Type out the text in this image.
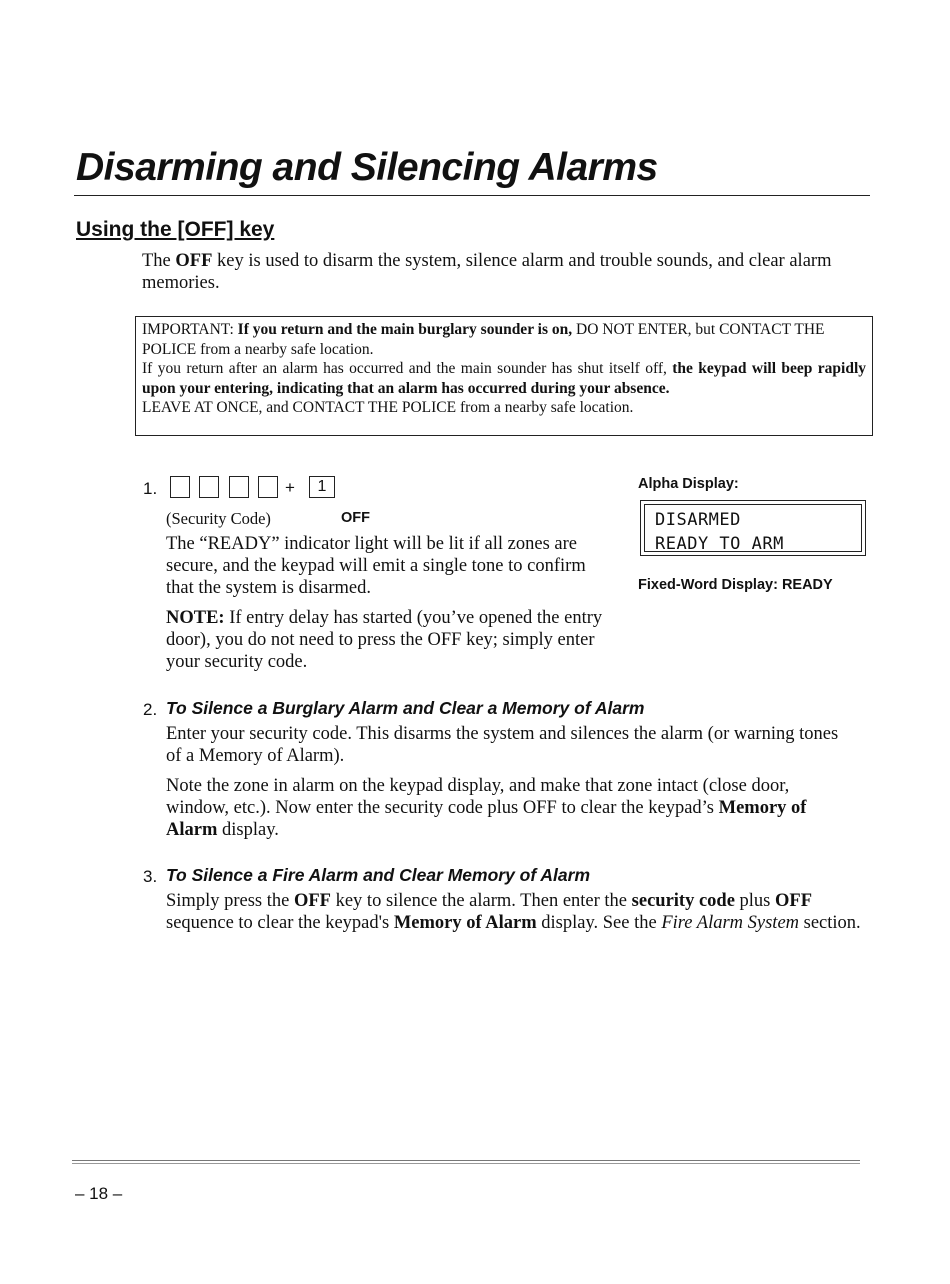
Disarming and Silencing Alarms
Using the [OFF] key
The OFF key is used to disarm the system, silence alarm and trouble sounds, and clear alarm memories.

IMPORTANT: If you return and the main burglary sounder is on, DO NOT ENTER, but CONTACT THE POLICE from a nearby safe location.

If you return after an alarm has occurred and the main sounder has shut itself off, the keypad will beep rapidly upon your entering, indicating that an alarm has occurred during your absence.

LEAVE AT ONCE, and CONTACT THE POLICE from a nearby safe location.

1.	+	1
(Security Code)	OFF

The “READY” indicator light will be lit if all zones are secure, and the keypad will emit a single tone to confirm that the system is disarmed.

NOTE: If entry delay has started (you’ve opened the entry door), you do not need to press the OFF key; simply enter your security code.

Alpha Display:
DISARMED
READY TO ARM
Fixed-Word Display: READY
2. To Silence a Burglary Alarm and Clear a Memory of Alarm

Enter your security code. This disarms the system and silences the alarm (or warning tones of a Memory of Alarm).

Note the zone in alarm on the keypad display, and make that zone intact (close door, window, etc.). Now enter the security code plus OFF to clear the keypad’s Memory of Alarm display.

3. To Silence a Fire Alarm and Clear Memory of Alarm

Simply press the OFF key to silence the alarm. Then enter the security code plus OFF sequence to clear the keypad's Memory of Alarm display. See the Fire Alarm System section.

– 18 –
